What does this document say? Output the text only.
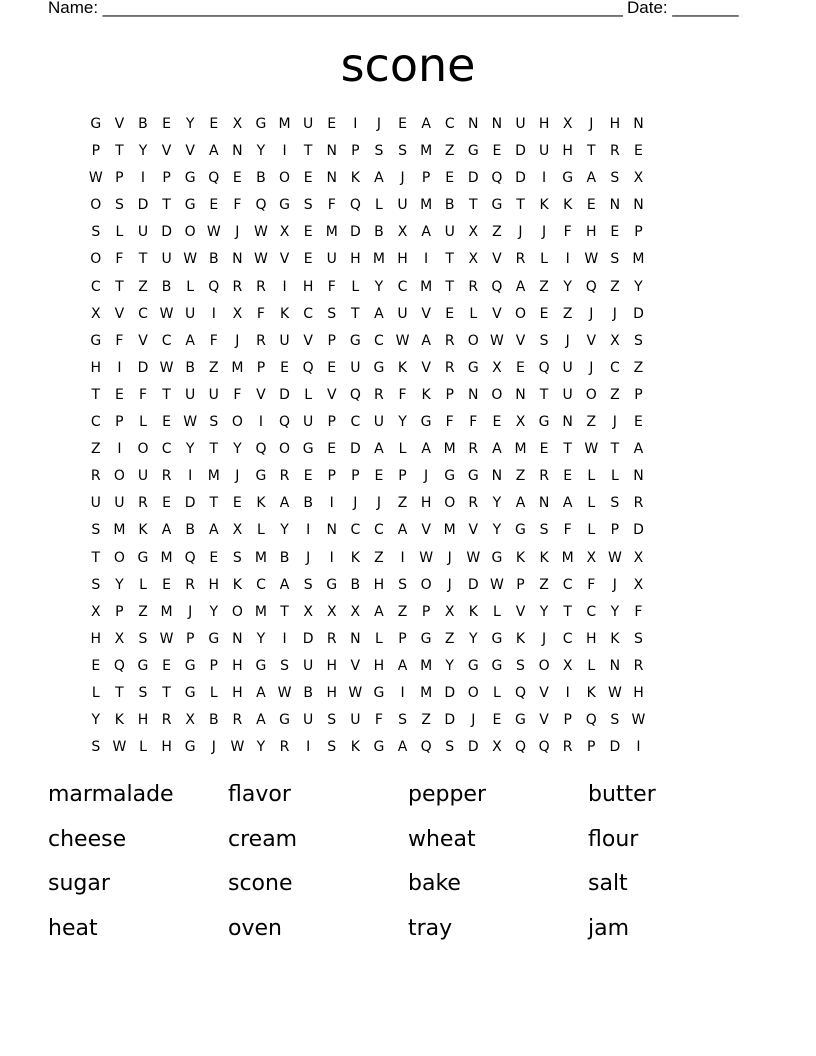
Name: _______________________________________________________ Date: _______
scone
G V	B	E	Y	E	X G M U	E	I	J	E	A C N N U H X	J	H N
P	T	Y	V	V	A N	Y	I	T	N	P	S	S M Z G E D U H	T	R	E
W P	I	P G Q E	B O E N K	A	J	P	E D Q D	I	G A	S	X
O S D T G E	F	Q G S	F	Q	L	U M B	T G T	K	K	E N N
S	L	U D O W	J	W X	E M D B	X	A U X	Z	J	J	F	H E	P
O	F	T	U W B N W V	E	U H M H	I	T	X	V R	L	I	W S M
C	T	Z B	L	Q R R	I	H	F	L	Y	C M T	R Q A	Z	Y Q Z	Y
X	V C W U	I	X	F	K	C	S	T	A U V	E	L	V O E	Z	J	J	D
G	F	V C A	F	J	R U V	P G C W A R O W V	S	J	V	X	S
H	I	D W B	Z M P	E Q E	U G K	V R G X	E Q U	J	C Z
T	E	F	T	U U	F	V D	L	V Q R	F	K	P	N O N	T	U O Z	P
C	P	L	E W S O	I	Q U	P	C U	Y G	F	F	E	X G N Z	J	E
Z	I	O C	Y	T	Y Q O G E D A	L	A M R A M E	T W T	A
R O U R	I	M	J	G R	E	P	P	E	P	J	G G N Z R	E	L	L	N
U U R	E D T	E	K	A	B	I	J	J	Z H O R	Y	A N A	L	S	R
S M K	A	B	A	X	L	Y	I	N C C A	V M V	Y G S	F	L	P D
T O G M Q E	S M B	J	I	K	Z	I	W	J	W G K	K M X W X
S	Y	L	E	R H K	C A	S G B H S O	J	D W P	Z C	F	J	X
X	P	Z M	J	Y O M T	X	X	X	A	Z	P	X	K	L	V	Y	T	C	Y	F
H X	S W P G N	Y	I	D R N	L	P G Z	Y G K	J	C H K	S
E Q G E G P	H G S	U H V H A M Y G G S O X	L	N R
L	T	S	T G	L	H A W B H W G	I	M D O	L	Q V	I	K W H
Y	K H R X B R A G U	S	U	F	S	Z D	J	E G V	P Q S W
S W L	H G	J	W Y	R	I	S	K G A Q S D X Q Q R	P D	I
marmalade	flavor	pepper	butter
cheese	cream	wheat	flour
sugar	scone	bake	salt
heat	oven	tray	jam
